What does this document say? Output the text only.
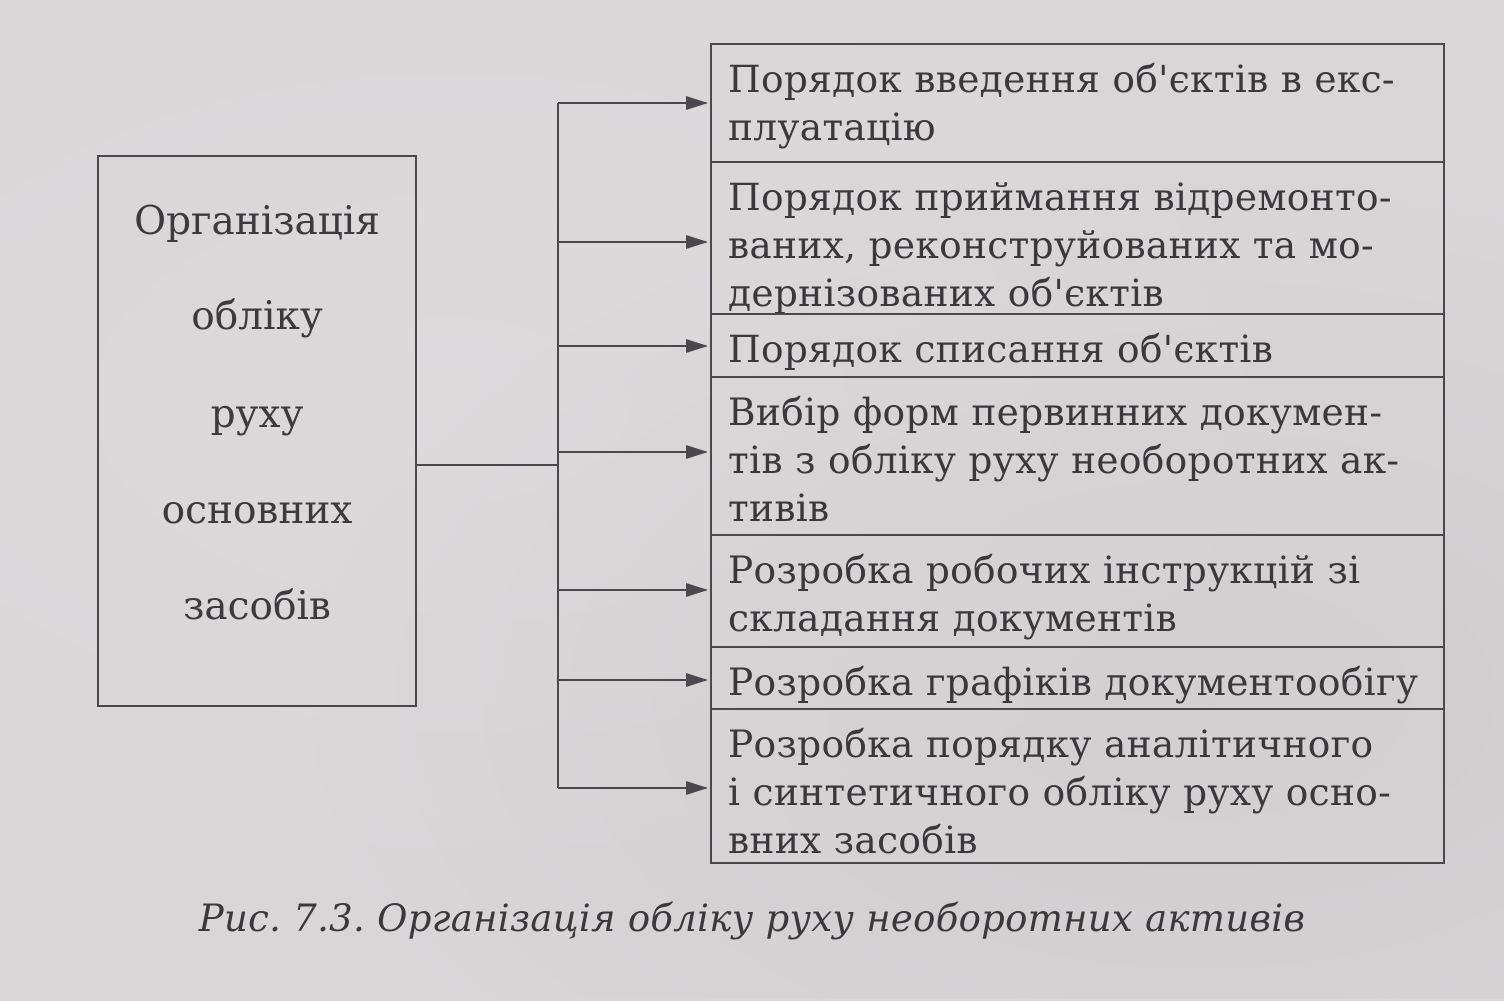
Організація
обліку
руху
основних
засобів
Порядок введення об'єктів в екс-
плуатацію
Порядок приймання відремонто-
ваних, реконструйованих та мо-
дернізованих об'єктів
Порядок списання об'єктів
Вибір форм первинних докумен-
тів з обліку руху необоротних ак-
тивів
Розробка робочих інструкцій зі
складання документів
Розробка графіків документообігу
Розробка порядку аналітичного
і синтетичного обліку руху осно-
вних засобів
Рис. 7.3. Організація обліку руху необоротних активів
